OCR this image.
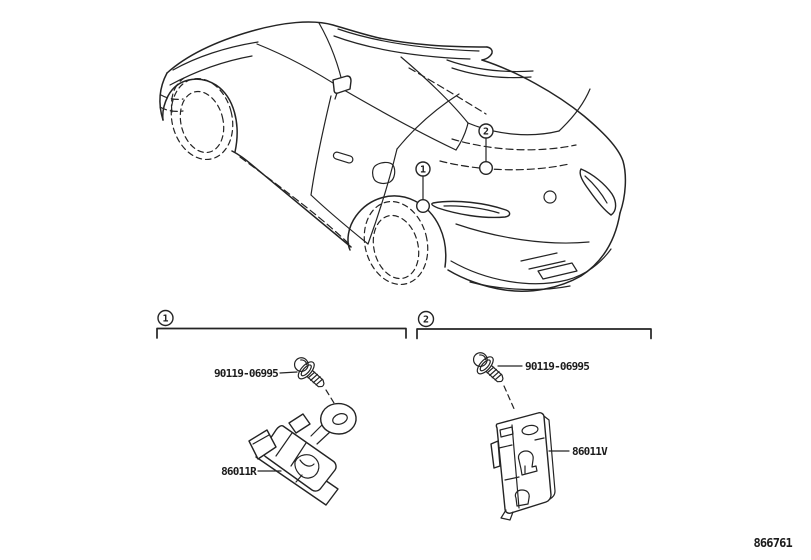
1
2
1
90119-06995
86011R
2
90119-06995
86011V
866761
